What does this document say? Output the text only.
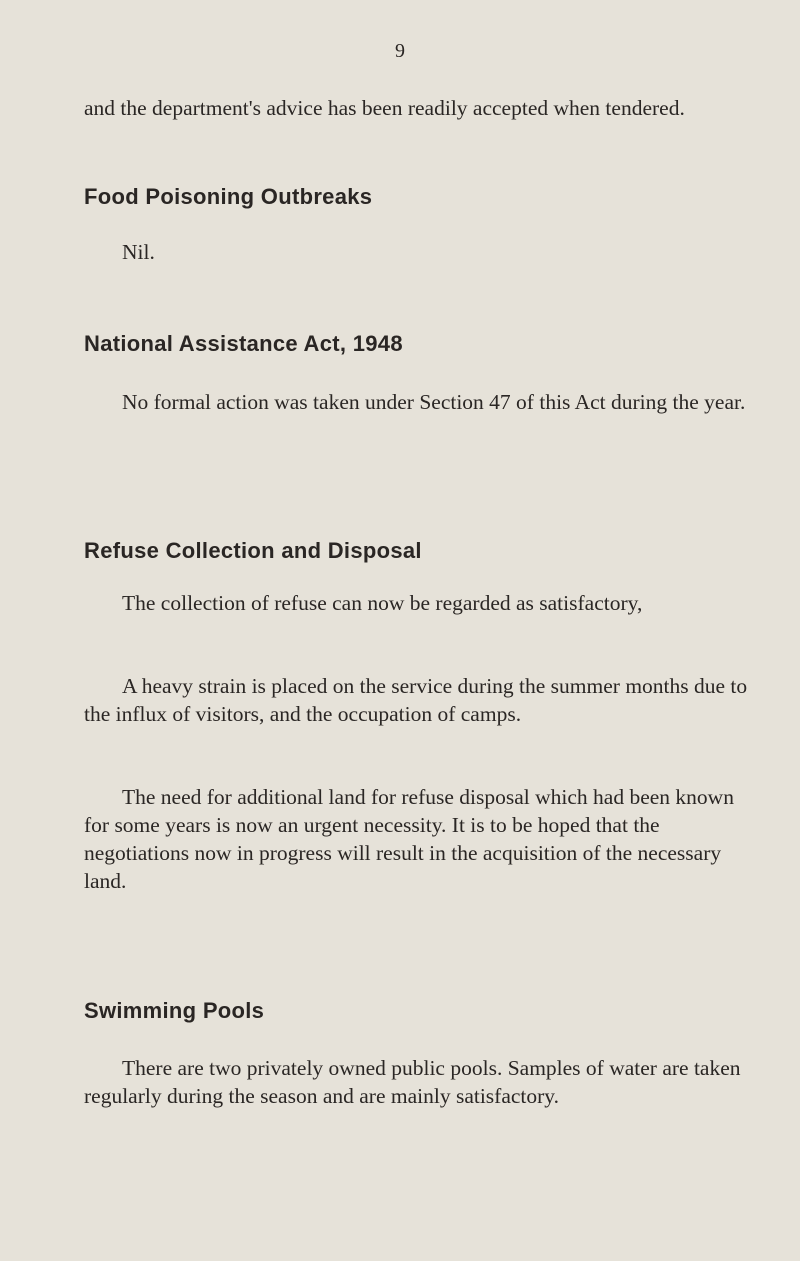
9

and the department's advice has been readily accepted when tendered.

Food Poisoning Outbreaks

Nil.

National Assistance Act, 1948

No formal action was taken under Section 47 of this Act during the year.

Refuse Collection and Disposal

The collection of refuse can now be regarded as satisfactory,

A heavy strain is placed on the service during the summer months due to the influx of visitors, and the occupation of camps.

The need for additional land for refuse disposal which had been known for some years is now an urgent necessity. It is to be hoped that the negotiations now in progress will result in the acquisition of the necessary land.

Swimming Pools

There are two privately owned public pools. Samples of water are taken regularly during the season and are mainly satisfactory.
